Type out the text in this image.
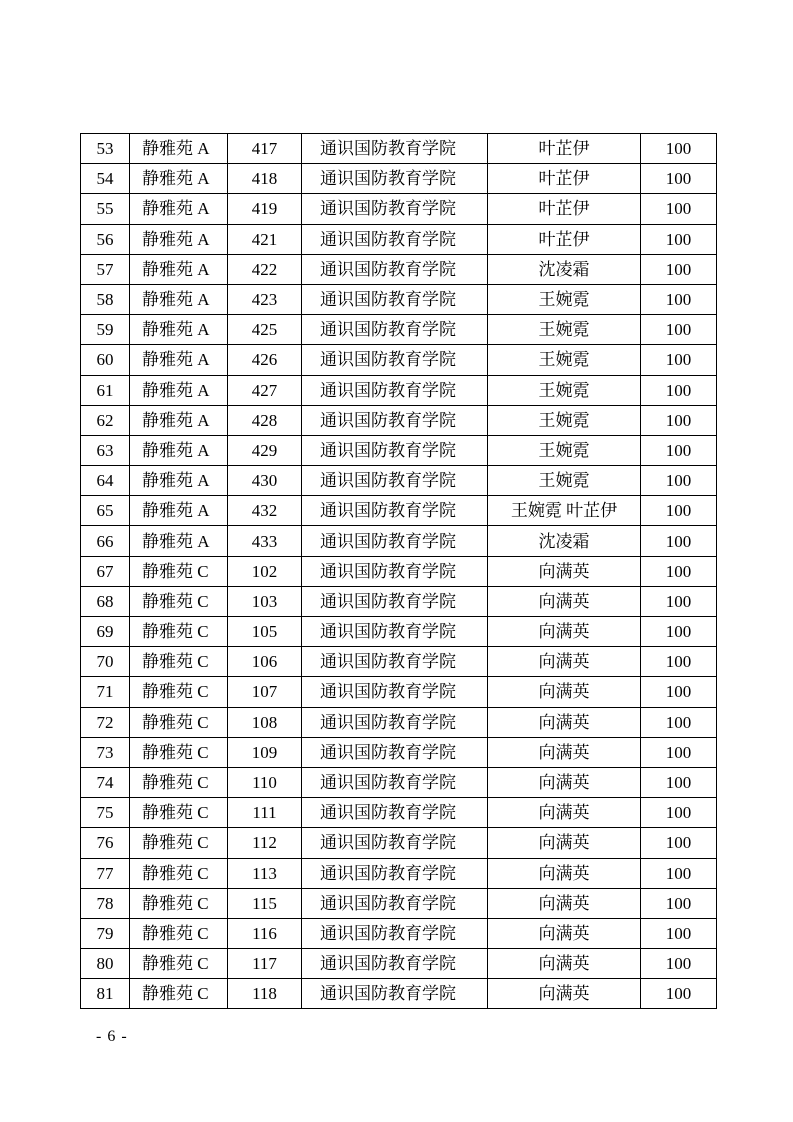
53	静雅苑 A	417	通识国防教育学院	叶芷伊	100
54	静雅苑 A	418	通识国防教育学院	叶芷伊	100
55	静雅苑 A	419	通识国防教育学院	叶芷伊	100
56	静雅苑 A	421	通识国防教育学院	叶芷伊	100
57	静雅苑 A	422	通识国防教育学院	沈凌霜	100
58	静雅苑 A	423	通识国防教育学院	王婉霓	100
59	静雅苑 A	425	通识国防教育学院	王婉霓	100
60	静雅苑 A	426	通识国防教育学院	王婉霓	100
61	静雅苑 A	427	通识国防教育学院	王婉霓	100
62	静雅苑 A	428	通识国防教育学院	王婉霓	100
63	静雅苑 A	429	通识国防教育学院	王婉霓	100
64	静雅苑 A	430	通识国防教育学院	王婉霓	100
65	静雅苑 A	432	通识国防教育学院	王婉霓 叶芷伊	100
66	静雅苑 A	433	通识国防教育学院	沈凌霜	100
67	静雅苑 C	102	通识国防教育学院	向满英	100
68	静雅苑 C	103	通识国防教育学院	向满英	100
69	静雅苑 C	105	通识国防教育学院	向满英	100
70	静雅苑 C	106	通识国防教育学院	向满英	100
71	静雅苑 C	107	通识国防教育学院	向满英	100
72	静雅苑 C	108	通识国防教育学院	向满英	100
73	静雅苑 C	109	通识国防教育学院	向满英	100
74	静雅苑 C	110	通识国防教育学院	向满英	100
75	静雅苑 C	111	通识国防教育学院	向满英	100
76	静雅苑 C	112	通识国防教育学院	向满英	100
77	静雅苑 C	113	通识国防教育学院	向满英	100
78	静雅苑 C	115	通识国防教育学院	向满英	100
79	静雅苑 C	116	通识国防教育学院	向满英	100
80	静雅苑 C	117	通识国防教育学院	向满英	100
81	静雅苑 C	118	通识国防教育学院	向满英	100
- 6 -
